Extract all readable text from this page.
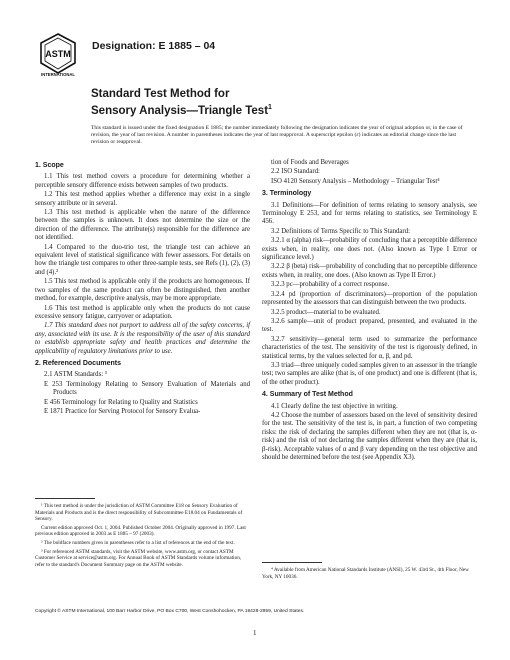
ASTM
INTERNATIONAL
Designation: E 1885 – 04
Standard Test Method for
Sensory Analysis—Triangle Test$^1$
This standard is issued under the fixed designation E 1885; the number immediately following the designation indicates the year of original adoption or, in the case of revision, the year of last revision. A number in parentheses indicates the year of last reapproval. A superscript epsilon (ε) indicates an editorial change since the last revision or reapproval.
1. Scope

1.1 This test method covers a procedure for determining whether a perceptible sensory difference exists between samples of two products.

1.2 This test method applies whether a difference may exist in a single sensory attribute or in several.

1.3 This test method is applicable when the nature of the difference between the samples is unknown. It does not determine the size or the direction of the difference. The attribute(s) responsible for the difference are not identified.

1.4 Compared to the duo-trio test, the triangle test can achieve an equivalent level of statistical significance with fewer assessors. For details on how the triangle test compares to other three-sample tests, see Refs (1), (2), (3) and (4).²

1.5 This test method is applicable only if the products are homogeneous. If two samples of the same product can often be distinguished, then another method, for example, descriptive analysis, may be more appropriate.

1.6 This test method is applicable only when the products do not cause excessive sensory fatigue, carryover or adaptation.

1.7 This standard does not purport to address all of the safety concerns, if any, associated with its use. It is the responsibility of the user of this standard to establish appropriate safety and health practices and determine the applicability of regulatory limitations prior to use.

2. Referenced Documents

2.1 ASTM Standards: ³

E 253 Terminology Relating to Sensory Evaluation of Materials and Products

E 456 Terminology for Relating to Quality and Statistics

E 1871 Practice for Serving Protocol for Sensory Evalua-

¹ This test method is under the jurisdiction of ASTM Committee E18 on Sensory Evaluation of Materials and Products and is the direct responsibility of Subcommittee E18.04 on Fundamentals of Sensory.

Current edition approved Oct. 1, 2004. Published October 2004. Originally approved in 1997. Last previous edition approved in 2003 as E 1885 – 97 (2003).

² The boldface numbers given in parentheses refer to a list of references at the end of the text.

³ For referenced ASTM standards, visit the ASTM website, www.astm.org, or contact ASTM Customer Service at service@astm.org. For Annual Book of ASTM Standards volume information, refer to the standard's Document Summary page on the ASTM website.

tion of Foods and Beverages

2.2 ISO Standard:

ISO 4120 Sensory Analysis – Methodology – Triangular Test⁴

3. Terminology

3.1 Definitions—For definition of terms relating to sensory analysis, see Terminology E 253, and for terms relating to statistics, see Terminology E 456.

3.2 Definitions of Terms Specific to This Standard:

3.2.1 α (alpha) risk—probability of concluding that a perceptible difference exists when, in reality, one does not. (Also known as Type I Error or significance level.)

3.2.2 β (beta) risk—probability of concluding that no perceptible difference exists when, in reality, one does. (Also known as Type II Error.)

3.2.3 pc—probability of a correct response.

3.2.4 pd (proportion of discriminators)—proportion of the population represented by the assessors that can distinguish between the two products.

3.2.5 product—material to be evaluated.

3.2.6 sample—unit of product prepared, presented, and evaluated in the test.

3.2.7 sensitivity—general term used to summarize the performance characteristics of the test. The sensitivity of the test is rigorously defined, in statistical terms, by the values selected for α, β, and pd.

3.3 triad—three uniquely coded samples given to an assessor in the triangle test; two samples are alike (that is, of one product) and one is different (that is, of the other product).

4. Summary of Test Method

4.1 Clearly define the test objective in writing.

4.2 Choose the number of assessors based on the level of sensitivity desired for the test. The sensitivity of the test is, in part, a function of two competing risks: the risk of declaring the samples different when they are not (that is, α-risk) and the risk of not declaring the samples different when they are (that is, β-risk). Acceptable values of α and β vary depending on the test objective and should be determined before the test (see Appendix X3).

⁴ Available from American National Standards Institute (ANSI), 25 W. 43rd St., 4th Floor, New York, NY 10036.

Copyright © ASTM International, 100 Barr Harbor Drive, PO Box C700, West Conshohocken, PA 19428-2959, United States.
1
